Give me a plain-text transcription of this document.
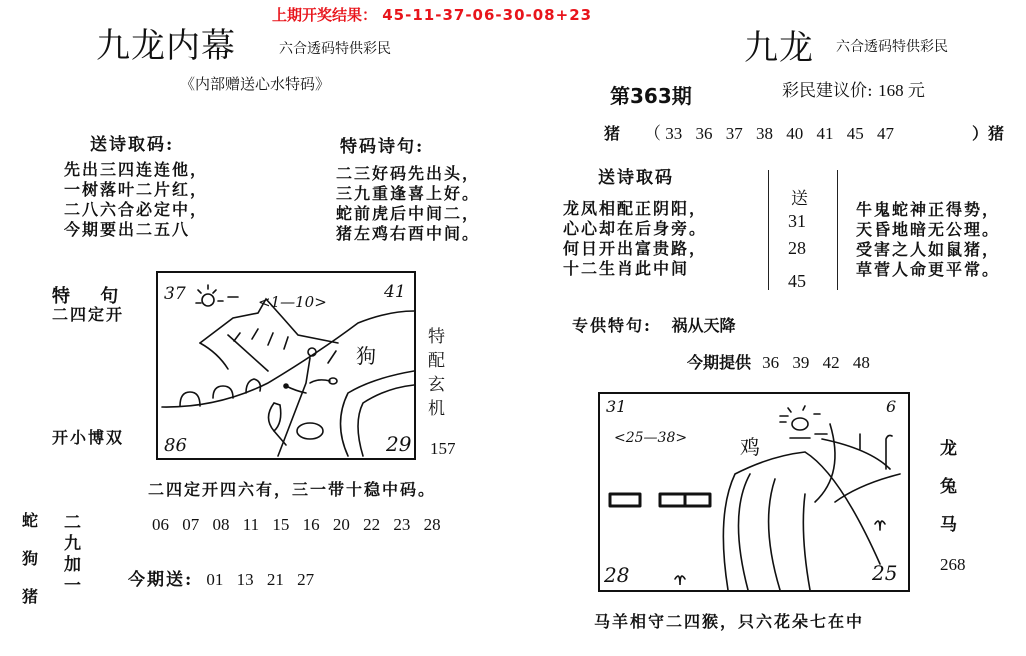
上期开奖结果： 45-11-37-06-30-08+23
九龙内幕	六合透码特供彩民
《内部赠送心水特码》
送诗取码:
先出三四连连他，
一树落叶二片红，
二八六合必定中，
今期要出二五八
特码诗句:
二三好码先出头，
三九重逢喜上好。
蛇前虎后中间二，
猪左鸡右酉中间。
特　 句
二四定开
开小博双
37	41
86	29
<1—10>
狗
特
配
玄
机
157
二四定开四六有，三一带十稳中码。
蛇
狗
猪
二
九
加
一
06 07 08 11 15 16 20 22 23 28
今期送: 01 13 21 27
九龙 六合透码特供彩民
第363期	彩民建议价: 168 元
猪 （ 33 36 37 38 40 41 45 47	）猪
送诗取码
龙凤相配正阴阳，
心心却在后身旁。
何日开出富贵路，
十二生肖此中间
送
31
28
45
牛鬼蛇神正得势，
天昏地暗无公理。
受害之人如鼠猪，
草菅人命更平常。
专供特句: 祸从天降
今期提供 36 39 42 48
31	6
28	25
<25—38>	鸡	龙
兔
马
268
马羊相守二四猴，只六花朵七在中
